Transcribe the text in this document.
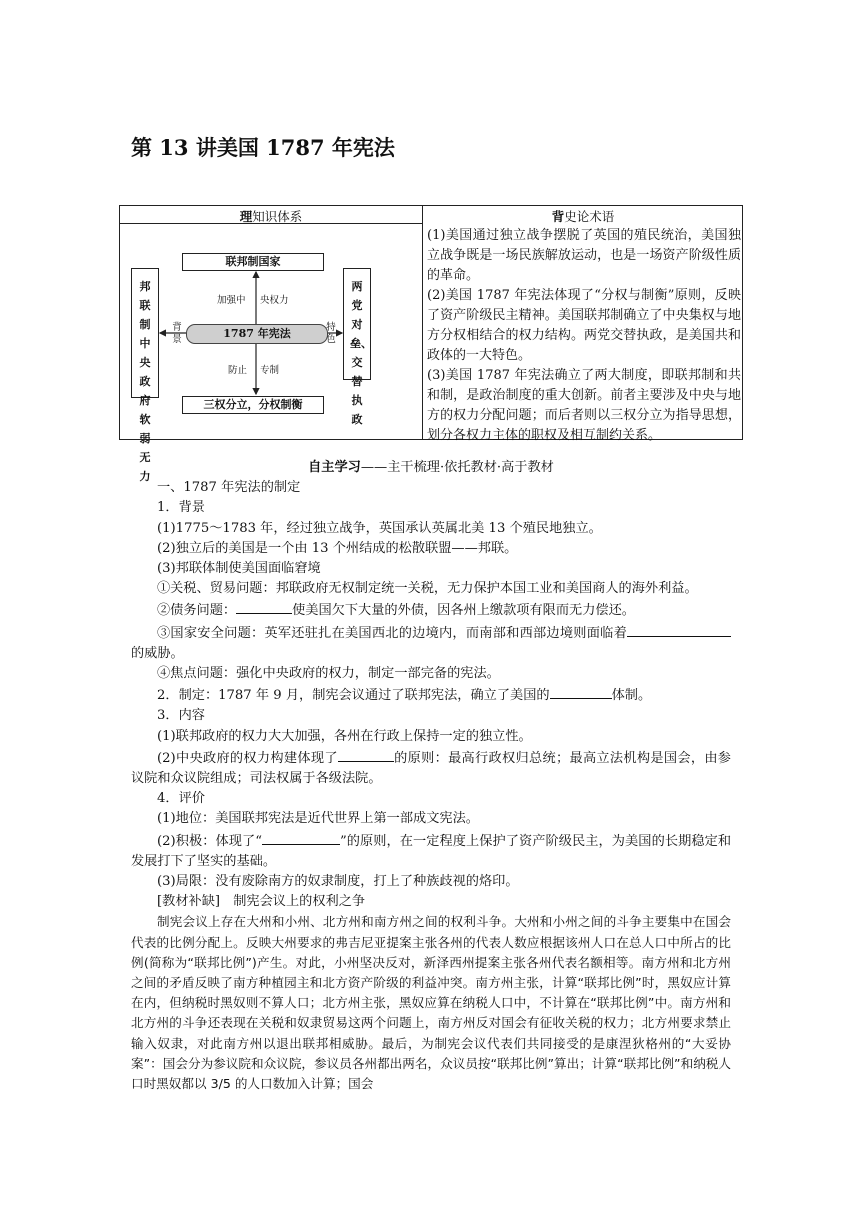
第 13 讲美国 1787 年宪法
理知识体系	背史论术语
联邦制国家
三权分立，分权制衡
邦联制中央政府软弱无力
两党对垒、交替执政
1787 年宪法
加强中 央权力
防止 专制
背景
特色

(1)美国通过独立战争摆脱了英国的殖民统治，美国独立战争既是一场民族解放运动，也是一场资产阶级性质的革命。

(2)美国 1787 年宪法体现了“分权与制衡”原则，反映了资产阶级民主精神。美国联邦制确立了中央集权与地方分权相结合的权力结构。两党交替执政，是美国共和政体的一大特色。

(3)美国 1787 年宪法确立了两大制度，即联邦制和共和制，是政治制度的重大创新。前者主要涉及中央与地方的权力分配问题；而后者则以三权分立为指导思想，划分各权力主体的职权及相互制约关系。

自主学习——主干梳理·依托教材·高于教材

一、1787 年宪法的制定

1．背景

(1)1775～1783 年，经过独立战争，英国承认英属北美 13 个殖民地独立。

(2)独立后的美国是一个由 13 个州结成的松散联盟——邦联。

(3)邦联体制使美国面临窘境

①关税、贸易问题：邦联政府无权制定统一关税，无力保护本国工业和美国商人的海外利益。

②债务问题：	使美国欠下大量的外债，因各州上缴款项有限而无力偿还。

③国家安全问题：英军还驻扎在美国西北的边境内，而南部和西部边境则面临着的威胁。

④焦点问题：强化中央政府的权力，制定一部完备的宪法。

2．制定：1787 年 9 月，制宪会议通过了联邦宪法，确立了美国的	体制。

3．内容

(1)联邦政府的权力大大加强，各州在行政上保持一定的独立性。

(2)中央政府的权力构建体现了	的原则：最高行政权归总统；最高立法机构是国会，由参议院和众议院组成；司法权属于各级法院。

4．评价

(1)地位：美国联邦宪法是近代世界上第一部成文宪法。

(2)积极：体现了“	”的原则，在一定程度上保护了资产阶级民主，为美国的长期稳定和发展打下了坚实的基础。

(3)局限：没有废除南方的奴隶制度，打上了种族歧视的烙印。

[教材补缺]　 制宪会议上的权利之争

制宪会议上存在大州和小州、北方州和南方州之间的权利斗争。大州和小州之间的斗争主要集中在国会代表的比例分配上。反映大州要求的弗吉尼亚提案主张各州的代表人数应根据该州人口在总人口中所占的比例(简称为“联邦比例”)产生。对此，小州坚决反对，新泽西州提案主张各州代表名额相等。南方州和北方州之间的矛盾反映了南方种植园主和北方资产阶级的利益冲突。南方州主张，计算“联邦比例”时，黑奴应计算在内，但纳税时黑奴则不算人口；北方州主张，黑奴应算在纳税人口中，不计算在“联邦比例”中。南方州和北方州的斗争还表现在关税和奴隶贸易这两个问题上，南方州反对国会有征收关税的权力；北方州要求禁止输入奴隶，对此南方州以退出联邦相威胁。最后，为制宪会议代表们共同接受的是康涅狄格州的“大妥协案”：国会分为参议院和众议院，参议员各州都出两名，众议员按“联邦比例”算出；计算“联邦比例”和纳税人口时黑奴都以 3/5 的人口数加入计算；国会
